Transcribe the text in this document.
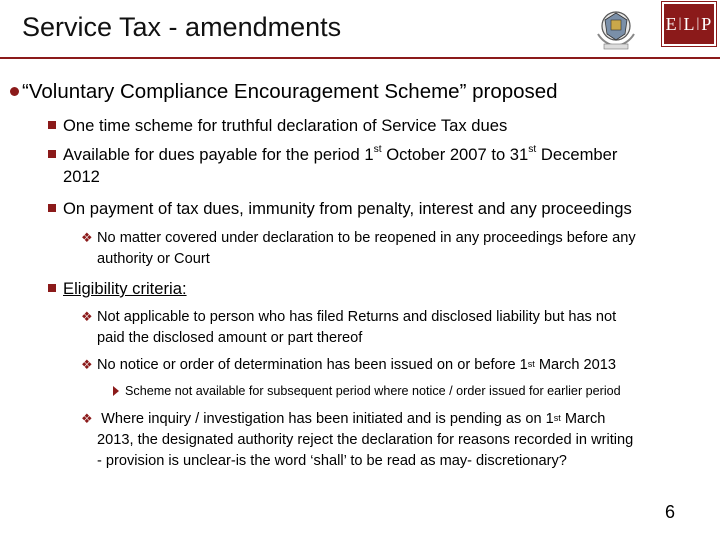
Service Tax - amendments	E | L | P
“Voluntary Compliance Encouragement Scheme” proposed
One time scheme for truthful declaration of Service Tax dues
Available for dues payable for the period 1st October 2007 to 31st December
2012
On payment of tax dues, immunity from penalty, interest and any proceedings
❖ No matter covered under declaration to be reopened in any proceedings before any
authority or Court
Eligibility criteria:
❖ Not applicable to person who has filed Returns and disclosed liability but has not
paid the disclosed amount or part thereof
❖ No notice or order of determination has been issued on or before 1st March 2013
Scheme not available for subsequent period where notice / order issued for earlier period
❖ Where inquiry / investigation has been initiated and is pending as on 1st March
2013, the designated authority reject the declaration for reasons recorded in writing
- provision is unclear-is the word ‘shall’ to be read as may- discretionary?
6
